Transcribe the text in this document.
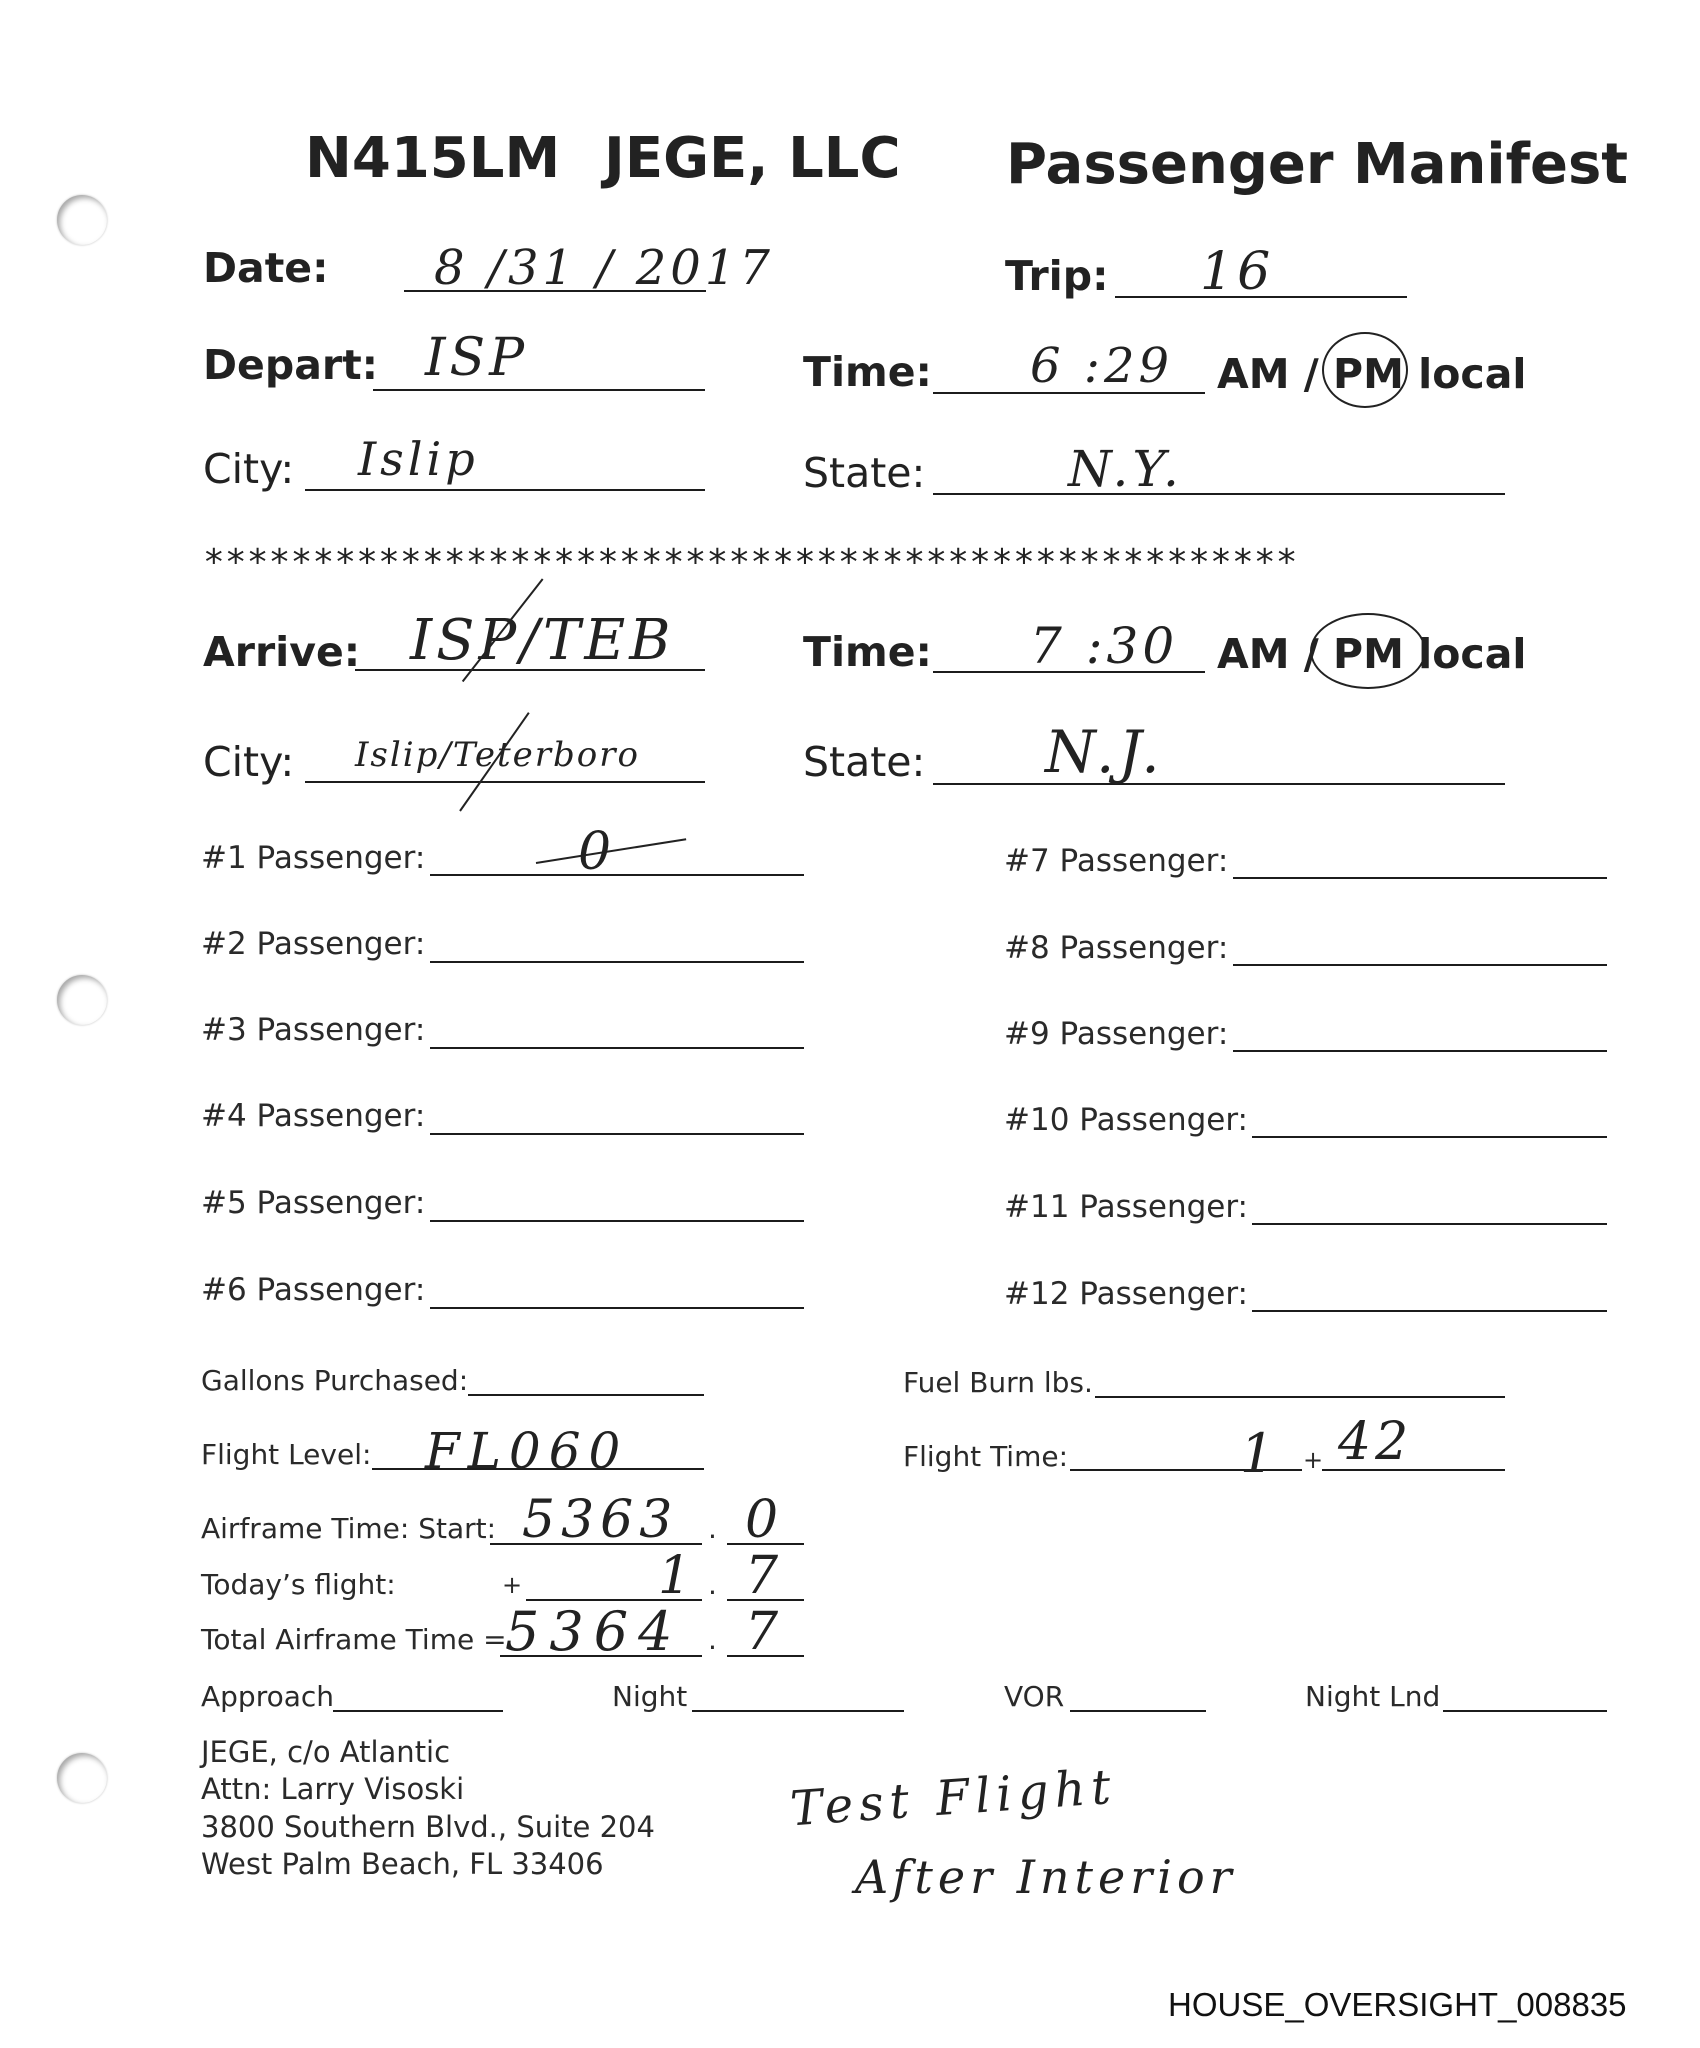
N415LM JEGE, LLC Passenger Manifest
Date: 8 /31 / 2017	Trip: 16
Depart: ISP	Time: 6 :29 AM / PM local
City: Islip	State:	N.Y.
**************************************************
Arrive: ISP/TEB	Time: 7 :30 AM / PM local
City: Islip/Teterboro	State: N.J.
#1 Passenger:	0
#2 Passenger:
#3 Passenger:
#4 Passenger:
#5 Passenger:
#6 Passenger:
#7 Passenger:
#8 Passenger:
#9 Passenger:
#10 Passenger:
#11 Passenger:
#12 Passenger:
Gallons Purchased:	Fuel Burn lbs.
Flight Level: FL060	Flight Time:	1 + 42
Airframe Time: Start: 5363 . 0
Today’s flight:	+	1 . 7
Total Airframe Time =
5364 . 7
Approach	Night	VOR	Night Lnd
JEGE, c/o Atlantic
Attn: Larry Visoski
3800 Southern Blvd., Suite 204
West Palm Beach, FL 33406
Test Flight
After Interior
HOUSE_OVERSIGHT_008835
